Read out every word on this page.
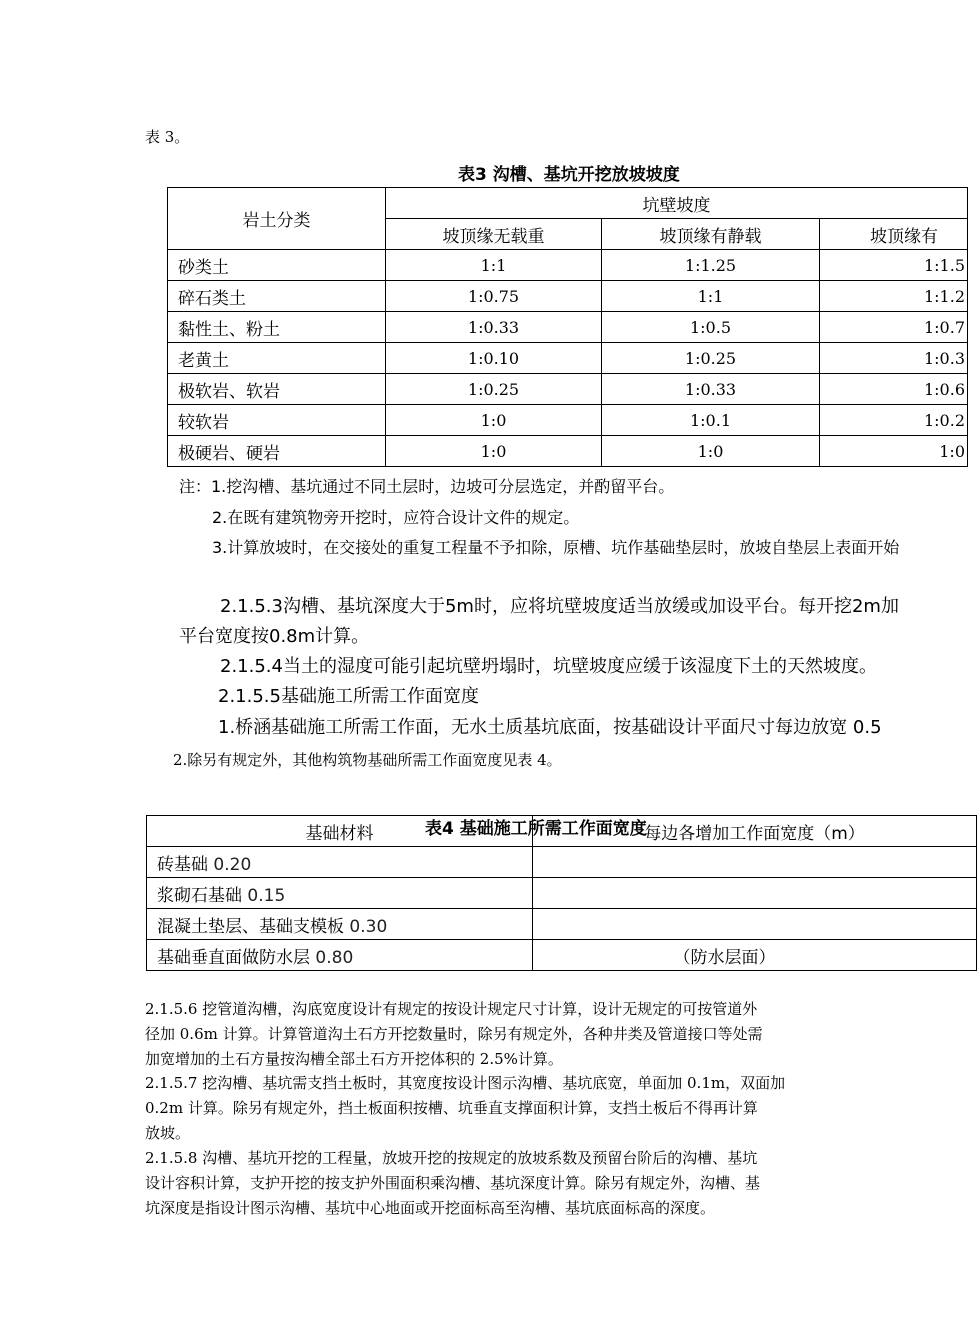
表 3。
表3 沟槽、基坑开挖放坡坡度
岩土分类	坑壁坡度		
	坡顶缘无载重	坡顶缘有静载	坡顶缘有
砂类土	1:1	1:1.25	1:1.5
碎石类土	1:0.75	1:1	1:1.2
黏性土、粉土	1:0.33	1:0.5	1:0.7
老黄土	1:0.10	1:0.25	1:0.3
极软岩、软岩	1:0.25	1:0.33	1:0.6
较软岩	1:0	1:0.1	1:0.2
极硬岩、硬岩	1:0	1:0	1:0
注：1.挖沟槽、基坑通过不同土层时，边坡可分层选定，并酌留平台。
2.在既有建筑物旁开挖时，应符合设计文件的规定。
3.计算放坡时，在交接处的重复工程量不予扣除，原槽、坑作基础垫层时，放坡自垫层上表面开始
2.1.5.3沟槽、基坑深度大于5m时，应将坑壁坡度适当放缓或加设平台。每开挖2m加
平台宽度按0.8m计算。
2.1.5.4当土的湿度可能引起坑壁坍塌时，坑壁坡度应缓于该湿度下土的天然坡度。
2.1.5.5基础施工所需工作面宽度
1.桥涵基础施工所需工作面，无水土质基坑底面，按基础设计平面尺寸每边放宽 0.5
2.除另有规定外，其他构筑物基础所需工作面宽度见表 4。
表4 基础施工所需工作面宽度
基础材料	每边各增加工作面宽度（m）
砖基础 0.20	
浆砌石基础 0.15	
混凝土垫层、基础支模板 0.30	
基础垂直面做防水层 0.80	（防水层面）
2.1.5.6 挖管道沟槽，沟底宽度设计有规定的按设计规定尺寸计算，设计无规定的可按管道外
径加 0.6m 计算。计算管道沟土石方开挖数量时，除另有规定外，各种井类及管道接口等处需
加宽增加的土石方量按沟槽全部土石方开挖体积的 2.5%计算。
2.1.5.7 挖沟槽、基坑需支挡土板时，其宽度按设计图示沟槽、基坑底宽，单面加 0.1m，双面加
0.2m 计算。除另有规定外，挡土板面积按槽、坑垂直支撑面积计算，支挡土板后不得再计算
放坡。
2.1.5.8 沟槽、基坑开挖的工程量，放坡开挖的按规定的放坡系数及预留台阶后的沟槽、基坑
设计容积计算，支护开挖的按支护外围面积乘沟槽、基坑深度计算。除另有规定外，沟槽、基
坑深度是指设计图示沟槽、基坑中心地面或开挖面标高至沟槽、基坑底面标高的深度。
